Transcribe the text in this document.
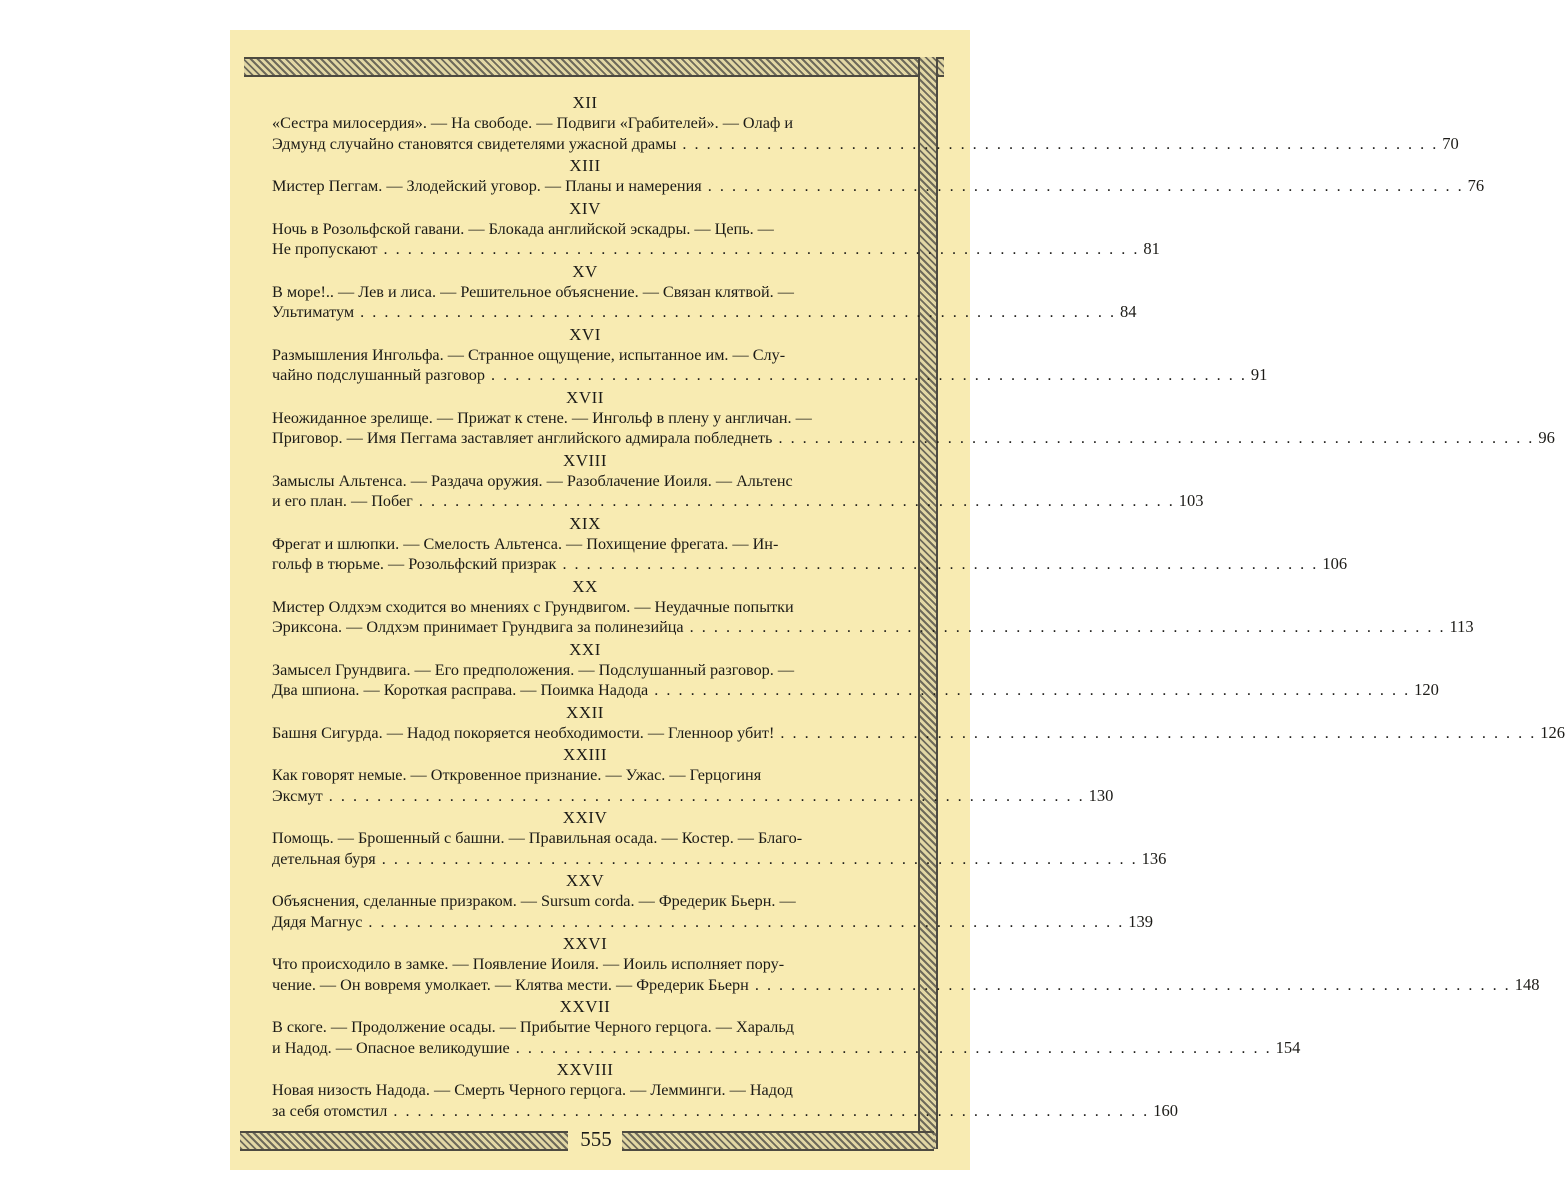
555
XII
«Сестра милосердия». — На свободе. — Подвиги «Грабителей». — Олаф и
Эдмунд случайно становятся свидетелями ужасной драмы . . .	70
XIII
Мистер Пеггам. — Злодейский уговор. — Планы и намерения . . .	76
XIV
Ночь в Розольфской гавани. — Блокада английской эскадры. — Цепь. —
Не пропускают . . .	81
XV
В море!.. — Лев и лиса. — Решительное объяснение. — Связан клятвой. —
Ультиматум . . .	84
XVI
Размышления Ингольфа. — Странное ощущение, испытанное им. — Слу-
чайно подслушанный разговор . . .	91
XVII
Неожиданное зрелище. — Прижат к стене. — Ингольф в плену у англичан. —
Приговор. — Имя Пеггама заставляет английского адмирала побледнеть . . .	96
XVIII
Замыслы Альтенса. — Раздача оружия. — Разоблачение Иоиля. — Альтенс
и его план. — Побег . . .	103
XIX
Фрегат и шлюпки. — Смелость Альтенса. — Похищение фрегата. — Ин-
гольф в тюрьме. — Розольфский призрак . . .	106
XX
Мистер Олдхэм сходится во мнениях с Грундвигом. — Неудачные попытки
Эриксона. — Олдхэм принимает Грундвига за полинезийца . . .	113
XXI
Замысел Грундвига. — Его предположения. — Подслушанный разговор. —
Два шпиона. — Короткая расправа. — Поимка Надода . . .	120
XXII
Башня Сигурда. — Надод покоряется необходимости. — Гленноор убит! . . .	126
XXIII
Как говорят немые. — Откровенное признание. — Ужас. — Герцогиня
Эксмут . . .	130
XXIV
Помощь. — Брошенный с башни. — Правильная осада. — Костер. — Благо-
детельная буря . . .	136
XXV
Объяснения, сделанные призраком. — Sursum corda. — Фредерик Бьерн. —
Дядя Магнус . . .	139
XXVI
Что происходило в замке. — Появление Иоиля. — Иоиль исполняет пору-
чение. — Он вовремя умолкает. — Клятва мести. — Фредерик Бьерн . . .	148
XXVII
В скоге. — Продолжение осады. — Прибытие Черного герцога. — Харальд
и Надод. — Опасное великодушие . . .	154
XXVIII
Новая низость Надода. — Смерть Черного герцога. — Лемминги. — Надод
за себя отомстил . . .	160
